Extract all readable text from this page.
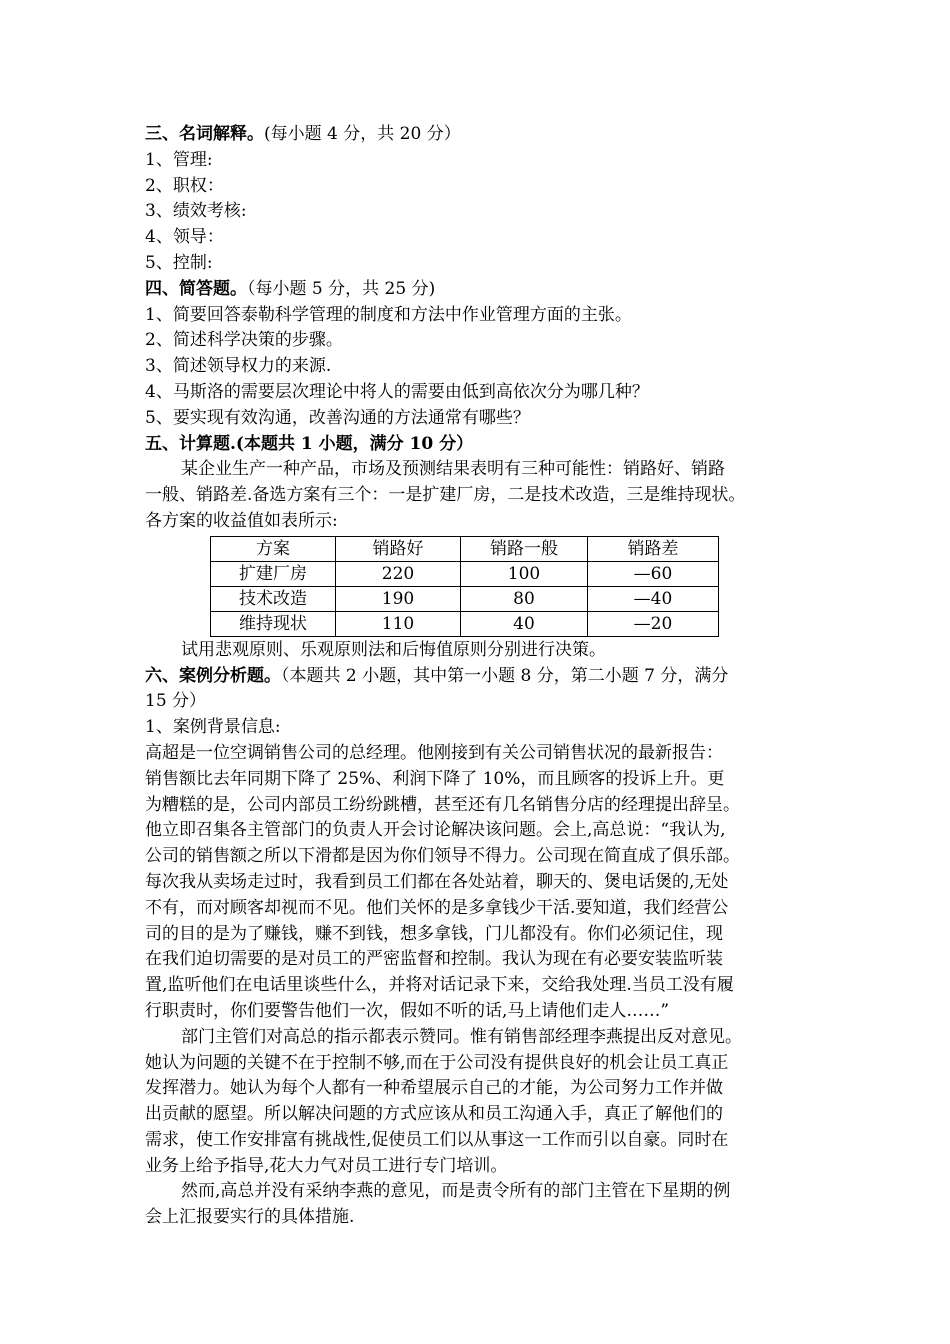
三、名词解释。(每小题 4 分，共 20 分）
1、管理:
2、职权：
3、绩效考核:
4、领导：
5、控制:
四、简答题。（每小题 5 分，共 25 分)
1、简要回答泰勒科学管理的制度和方法中作业管理方面的主张。
2、简述科学决策的步骤。
3、简述领导权力的来源.
4、马斯洛的需要层次理论中将人的需要由低到高依次分为哪几种？
5、要实现有效沟通，改善沟通的方法通常有哪些？
五、计算题.(本题共 1 小题，满分 10 分）
某企业生产一种产品，市场及预测结果表明有三种可能性：销路好、销路
一般、销路差.备选方案有三个：一是扩建厂房，二是技术改造，三是维持现状。
各方案的收益值如表所示:
方案	销路好	销路一般	销路差
扩建厂房	220	100	—60
技术改造	190	80	—40
维持现状	110	40	—20
试用悲观原则、乐观原则法和后悔值原则分别进行决策。
六、案例分析题。（本题共 2 小题，其中第一小题 8 分，第二小题 7 分，满分
15 分）
1、案例背景信息:
高超是一位空调销售公司的总经理。他刚接到有关公司销售状况的最新报告：
销售额比去年同期下降了 25%、利润下降了 10%，而且顾客的投诉上升。更
为糟糕的是，公司内部员工纷纷跳槽，甚至还有几名销售分店的经理提出辞呈。
他立即召集各主管部门的负责人开会讨论解决该问题。会上,高总说：“我认为,
公司的销售额之所以下滑都是因为你们领导不得力。公司现在简直成了俱乐部。
每次我从卖场走过时，我看到员工们都在各处站着，聊天的、煲电话煲的,无处
不有，而对顾客却视而不见。他们关怀的是多拿钱少干活.要知道，我们经营公
司的目的是为了赚钱，赚不到钱，想多拿钱，门儿都没有。你们必须记住，现
在我们迫切需要的是对员工的严密监督和控制。我认为现在有必要安装监听装
置,监听他们在电话里谈些什么，并将对话记录下来，交给我处理.当员工没有履
行职责时，你们要警告他们一次，假如不听的话,马上请他们走人……”
部门主管们对高总的指示都表示赞同。惟有销售部经理李燕提出反对意见。
她认为问题的关键不在于控制不够,而在于公司没有提供良好的机会让员工真正
发挥潜力。她认为每个人都有一种希望展示自己的才能，为公司努力工作并做
出贡献的愿望。所以解决问题的方式应该从和员工沟通入手，真正了解他们的
需求，使工作安排富有挑战性,促使员工们以从事这一工作而引以自豪。同时在
业务上给予指导,花大力气对员工进行专门培训。
然而,高总并没有采纳李燕的意见，而是责令所有的部门主管在下星期的例
会上汇报要实行的具体措施.
